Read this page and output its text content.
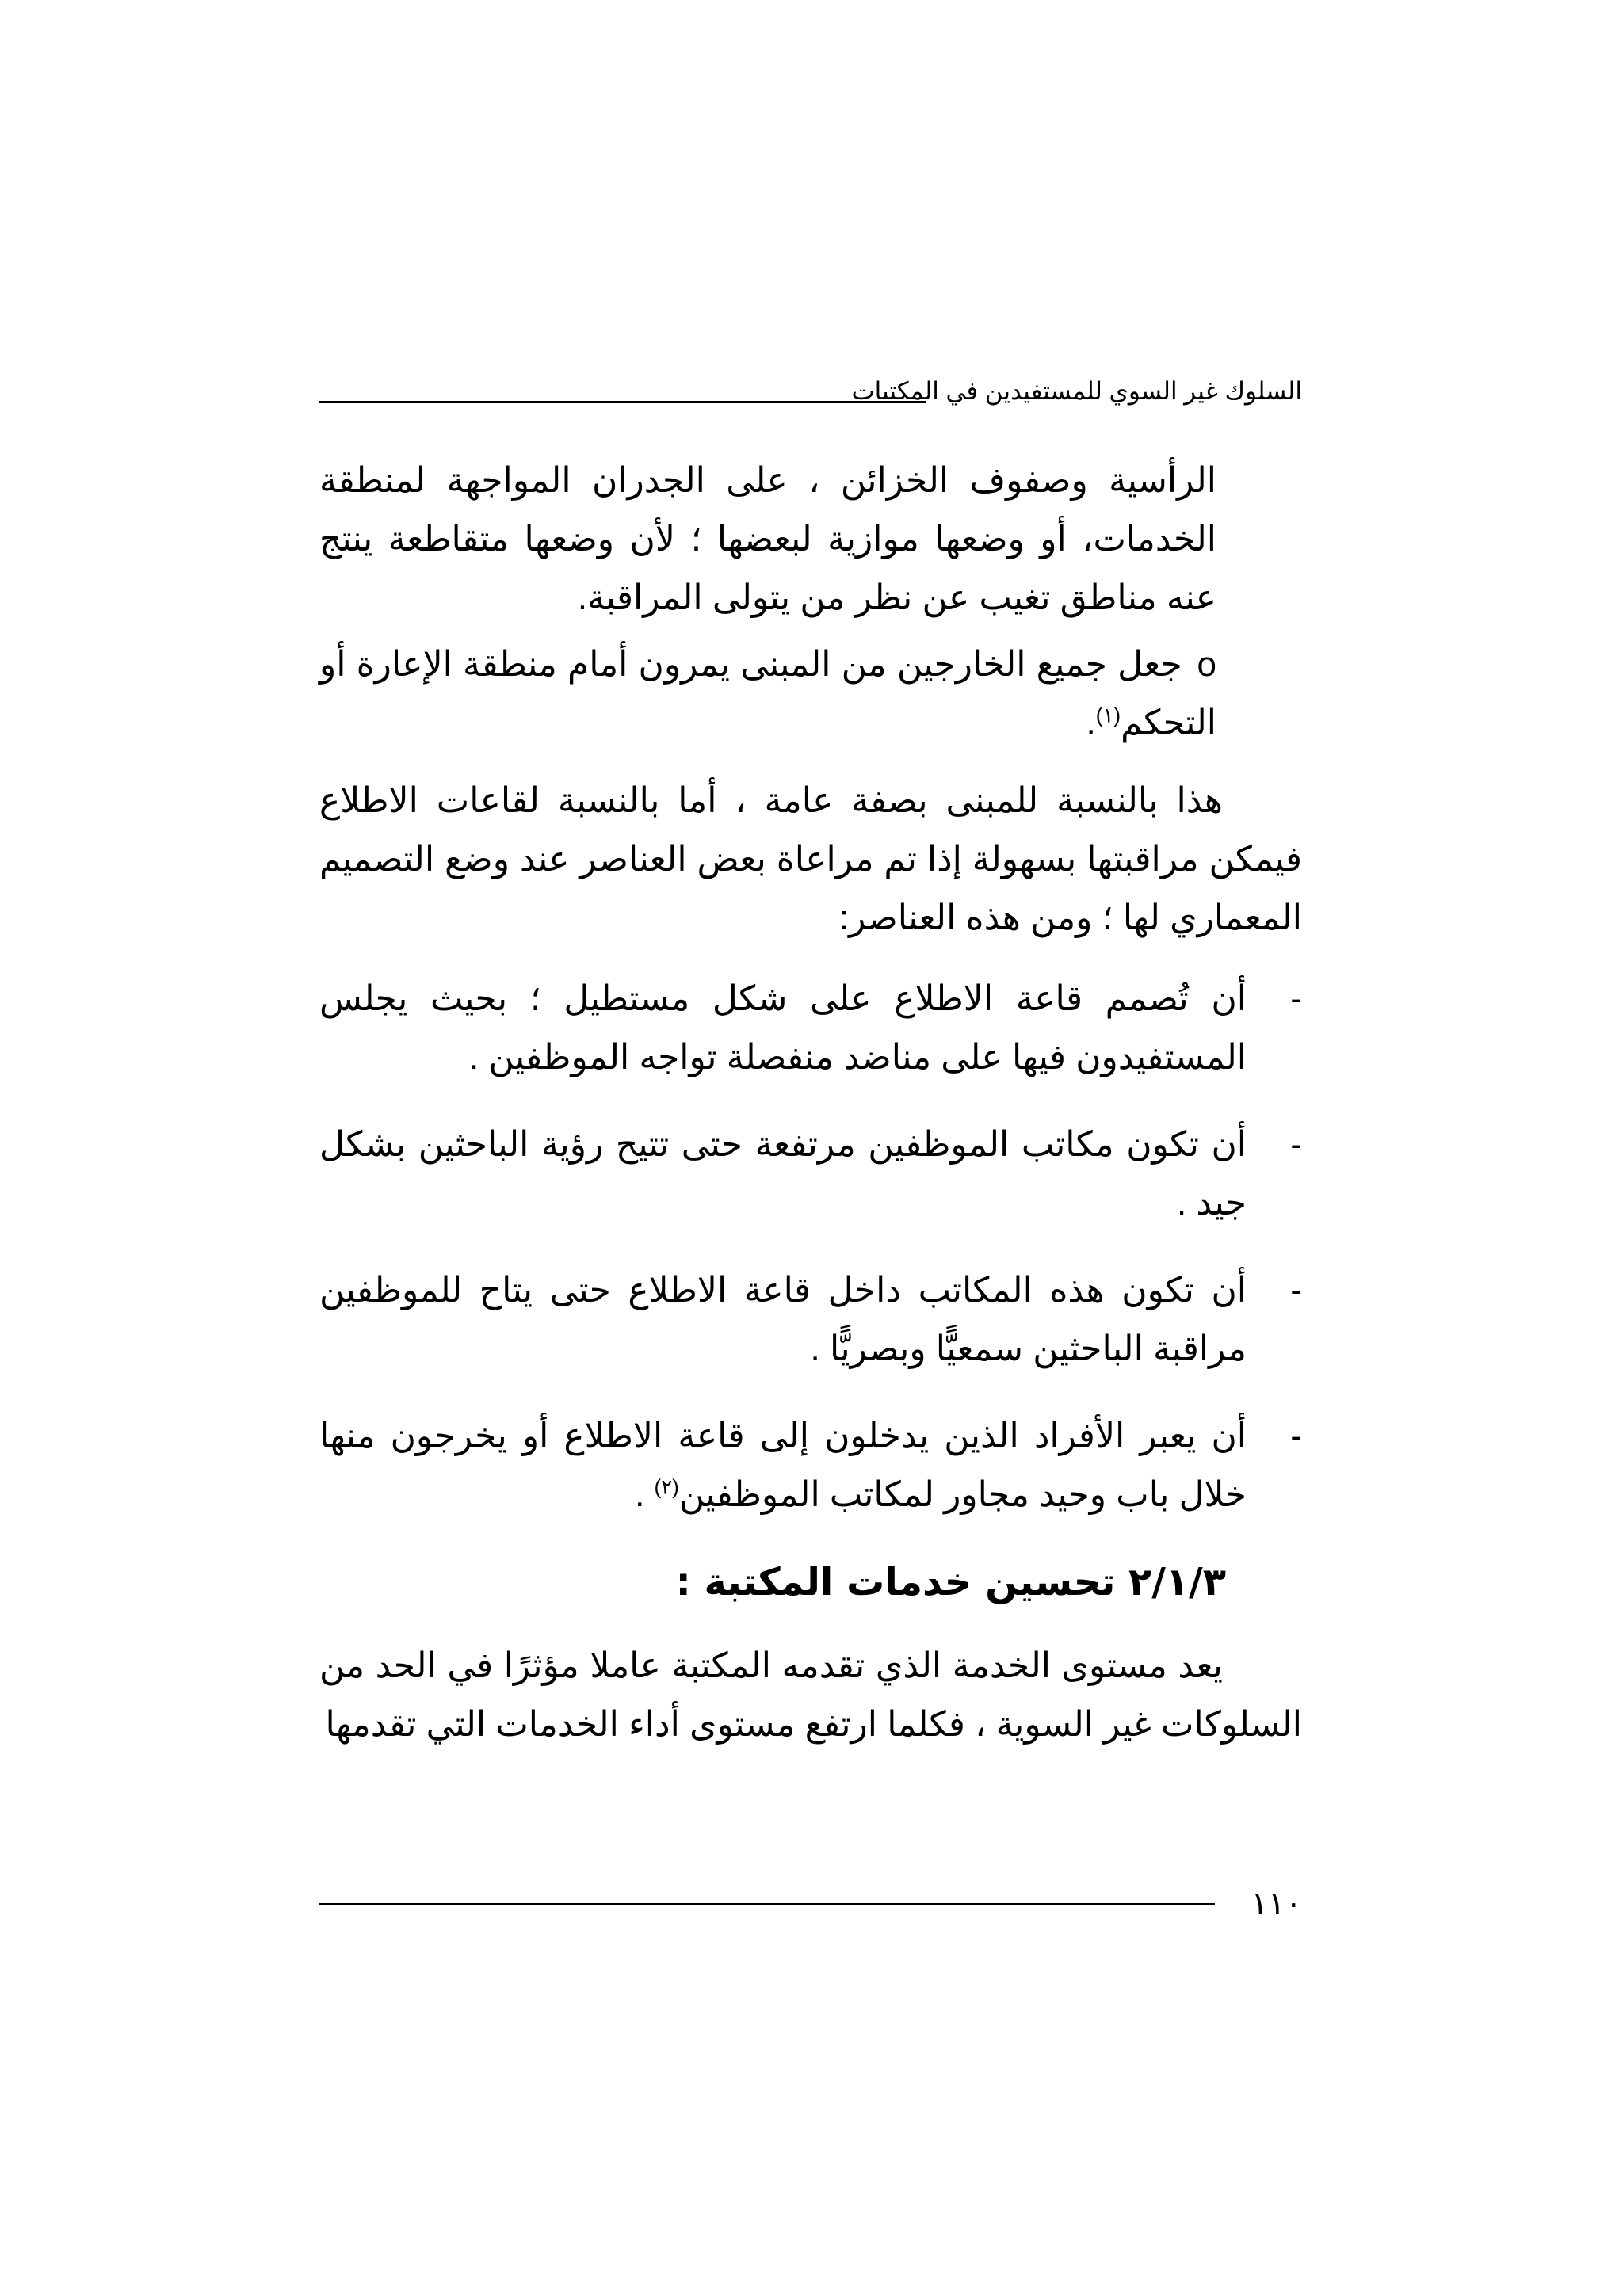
السلوك غير السوي للمستفيدين في المكتبات

الرأسية وصفوف الخزائن ، على الجدران المواجهة لمنطقة الخدمات، أو وضعها موازية لبعضها ؛ لأن وضعها متقاطعة ينتج عنه مناطق تغيب عن نظر من يتولى المراقبة.

o جعل جميع الخارجين من المبنى يمرون أمام منطقة الإعارة أو التحكم$^{(١)}$.

هذا بالنسبة للمبنى بصفة عامة ، أما بالنسبة لقاعات الاطلاع فيمكن مراقبتها بسهولة إذا تم مراعاة بعض العناصر عند وضع التصميم المعماري لها ؛ ومن هذه العناصر:

-

أن تُصمم قاعة الاطلاع على شكل مستطيل ؛ بحيث يجلس المستفيدون فيها على مناضد منفصلة تواجه الموظفين .

-

أن تكون مكاتب الموظفين مرتفعة حتى تتيح رؤية الباحثين بشكل جيد .

-

أن تكون هذه المكاتب داخل قاعة الاطلاع حتى يتاح للموظفين مراقبة الباحثين سمعيًّا وبصريًّا .

-

أن يعبر الأفراد الذين يدخلون إلى قاعة الاطلاع أو يخرجون منها خلال باب وحيد مجاور لمكاتب الموظفين$^{(٢)}$ .

٢/١/٣ تحسين خدمات المكتبة :

يعد مستوى الخدمة الذي تقدمه المكتبة عاملا مؤثرًا في الحد من السلوكات غير السوية ، فكلما ارتفع مستوى أداء الخدمات التي تقدمها

١١٠
